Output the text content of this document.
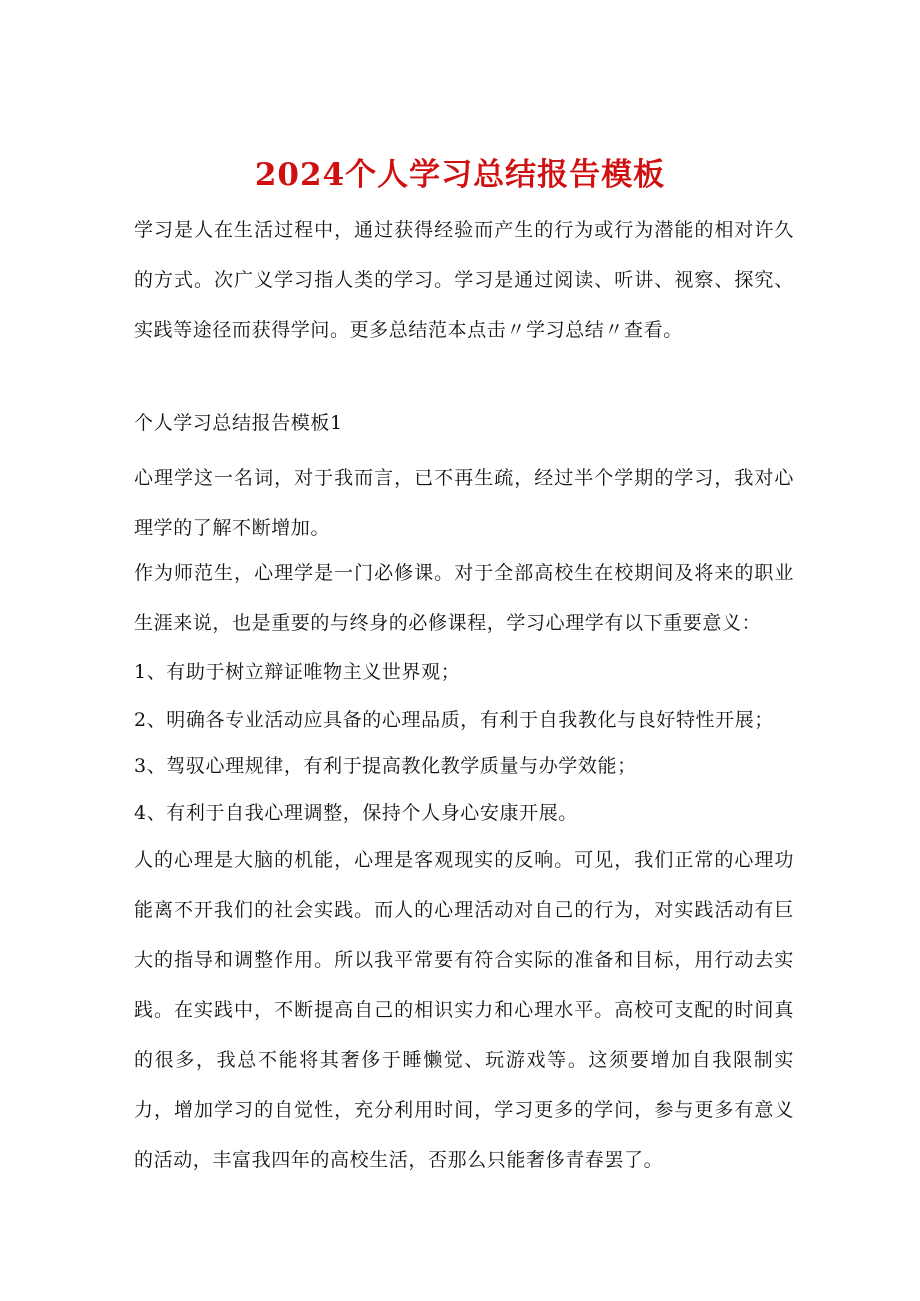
2024个人学习总结报告模板

学习是人在生活过程中，通过获得经验而产生的行为或行为潜能的相对许久的方式。次广义学习指人类的学习。学习是通过阅读、听讲、视察、探究、实践等途径而获得学问。更多总结范本点击〃学习总结〃查看。

个人学习总结报告模板1

心理学这一名词，对于我而言，已不再生疏，经过半个学期的学习，我对心理学的了解不断增加。

作为师范生，心理学是一门必修课。对于全部高校生在校期间及将来的职业生涯来说，也是重要的与终身的必修课程，学习心理学有以下重要意义：

1、有助于树立辩证唯物主义世界观；

2、明确各专业活动应具备的心理品质，有利于自我教化与良好特性开展；

3、驾驭心理规律，有利于提高教化教学质量与办学效能；

4、有利于自我心理调整，保持个人身心安康开展。

人的心理是大脑的机能，心理是客观现实的反响。可见，我们正常的心理功能离不开我们的社会实践。而人的心理活动对自己的行为，对实践活动有巨大的指导和调整作用。所以我平常要有符合实际的准备和目标，用行动去实践。在实践中，不断提高自己的相识实力和心理水平。高校可支配的时间真的很多，我总不能将其奢侈于睡懒觉、玩游戏等。这须要增加自我限制实力，增加学习的自觉性，充分利用时间，学习更多的学问，参与更多有意义的活动，丰富我四年的高校生活，否那么只能奢侈青春罢了。
